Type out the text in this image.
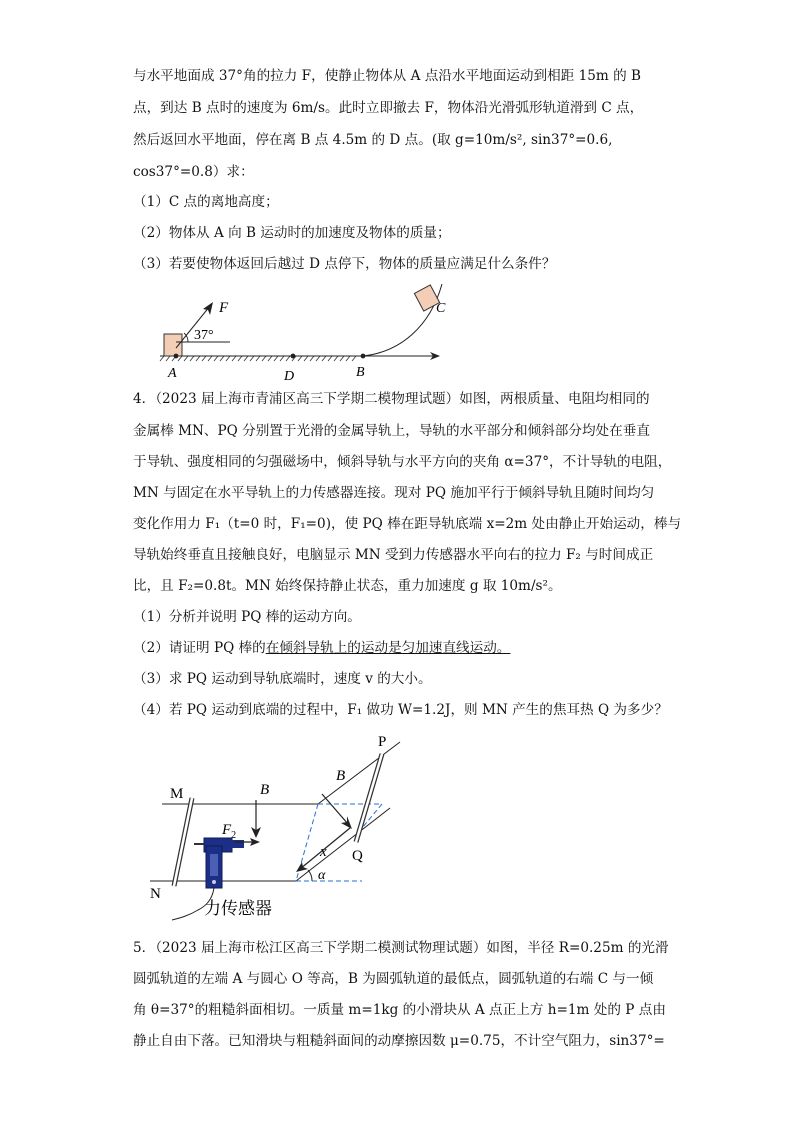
与水平地面成 37°角的拉力 F，使静止物体从 A 点沿水平地面运动到相距 15m 的 B
点，到达 B 点时的速度为 6m/s。此时立即撤去 F，物体沿光滑弧形轨道滑到 C 点，
然后返回水平地面，停在离 B 点 4.5m 的 D 点。(取 g=10m/s², sin37°=0.6,
cos37°=0.8）求：
（1）C 点的离地高度；
（2）物体从 A 向 B 运动时的加速度及物体的质量；
（3）若要使物体返回后越过 D 点停下，物体的质量应满足什么条件？
F
37°
A	D	B
C
4．（2023 届上海市青浦区高三下学期二模物理试题）如图，两根质量、电阻均相同的
金属棒 MN、PQ 分别置于光滑的金属导轨上，导轨的水平部分和倾斜部分均处在垂直
于导轨、强度相同的匀强磁场中，倾斜导轨与水平方向的夹角 α=37°，不计导轨的电阻，
MN 与固定在水平导轨上的力传感器连接。现对 PQ 施加平行于倾斜导轨且随时间均匀
变化作用力 F₁（t=0 时，F₁=0)，使 PQ 棒在距导轨底端 x=2m 处由静止开始运动，棒与
导轨始终垂直且接触良好，电脑显示 MN 受到力传感器水平向右的拉力 F₂ 与时间成正
比，且 F₂=0.8t。MN 始终保持静止状态，重力加速度 g 取 10m/s²。
（1）分析并说明 PQ 棒的运动方向。
（2）请证明 PQ 棒的在倾斜导轨上的运动是匀加速直线运动。
（3）求 PQ 运动到导轨底端时，速度 v 的大小。
（4）若 PQ 运动到底端的过程中，F₁ 做功 W=1.2J，则 MN 产生的焦耳热 Q 为多少？
M
N
P
Q
B
B
$F_2$
x
α
力传感器
5．（2023 届上海市松江区高三下学期二模测试物理试题）如图，半径 R=0.25m 的光滑
圆弧轨道的左端 A 与圆心 O 等高，B 为圆弧轨道的最低点，圆弧轨道的右端 C 与一倾
角 θ=37°的粗糙斜面相切。一质量 m=1kg 的小滑块从 A 点正上方 h=1m 处的 P 点由
静止自由下落。已知滑块与粗糙斜面间的动摩擦因数 μ=0.75，不计空气阻力，sin37°=
